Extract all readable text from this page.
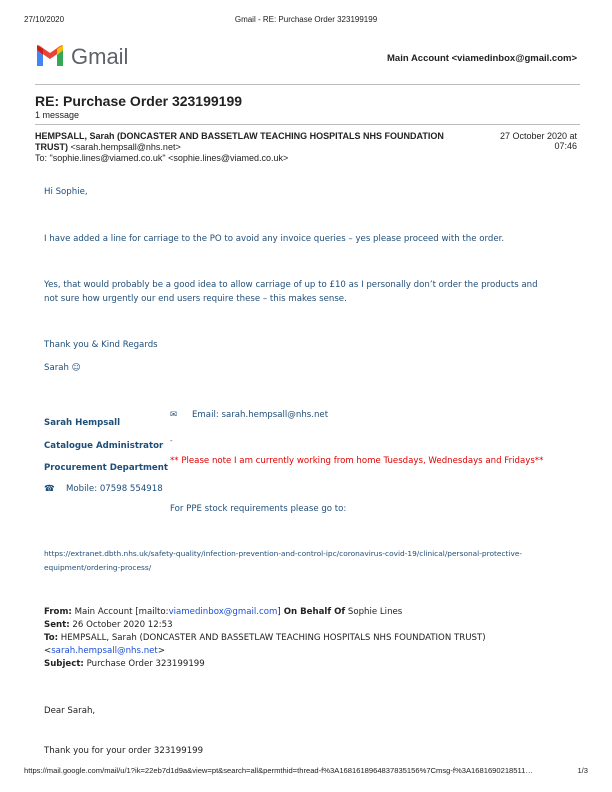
27/10/2020	Gmail - RE: Purchase Order 323199199
Gmail	Main Account <viamedinbox@gmail.com>
RE: Purchase Order 323199199
1 message
HEMPSALL, Sarah (DONCASTER AND BASSETLAW TEACHING HOSPITALS NHS FOUNDATION
TRUST) <sarah.hempsall@nhs.net>
27 October 2020 at
07:46
To: "sophie.lines@viamed.co.uk" <sophie.lines@viamed.co.uk>
Hi Sophie,
I have added a line for carriage to the PO to avoid any invoice queries – yes please proceed with the order.
Yes, that would probably be a good idea to allow carriage of up to £10 as I personally don’t order the products and
not sure how urgently our end users require these – this makes sense.
Thank you & Kind Regards
Sarah ☺
Sarah Hempsall
Catalogue Administrator
Procurement Department
☎ Mobile: 07598 554918
✉ Email: sarah.hempsall@nhs.net
-
** Please note I am currently working from home Tuesdays, Wednesdays and Fridays**
For PPE stock requirements please go to:
https://extranet.dbth.nhs.uk/safety-quality/infection-prevention-and-control-ipc/coronavirus-covid-19/clinical/personal-protective-
equipment/ordering-process/
From: Main Account [mailto:viamedinbox@gmail.com] On Behalf Of Sophie Lines
Sent: 26 October 2020 12:53
To: HEMPSALL, Sarah (DONCASTER AND BASSETLAW TEACHING HOSPITALS NHS FOUNDATION TRUST)
<sarah.hempsall@nhs.net>
Subject: Purchase Order 323199199
Dear Sarah,
Thank you for your order 323199199
https://mail.google.com/mail/u/1?ik=22eb7d1d9a&view=pt&search=all&permthid=thread-f%3A1681618964837835156%7Cmsg-f%3A1681690218511…	1/3
